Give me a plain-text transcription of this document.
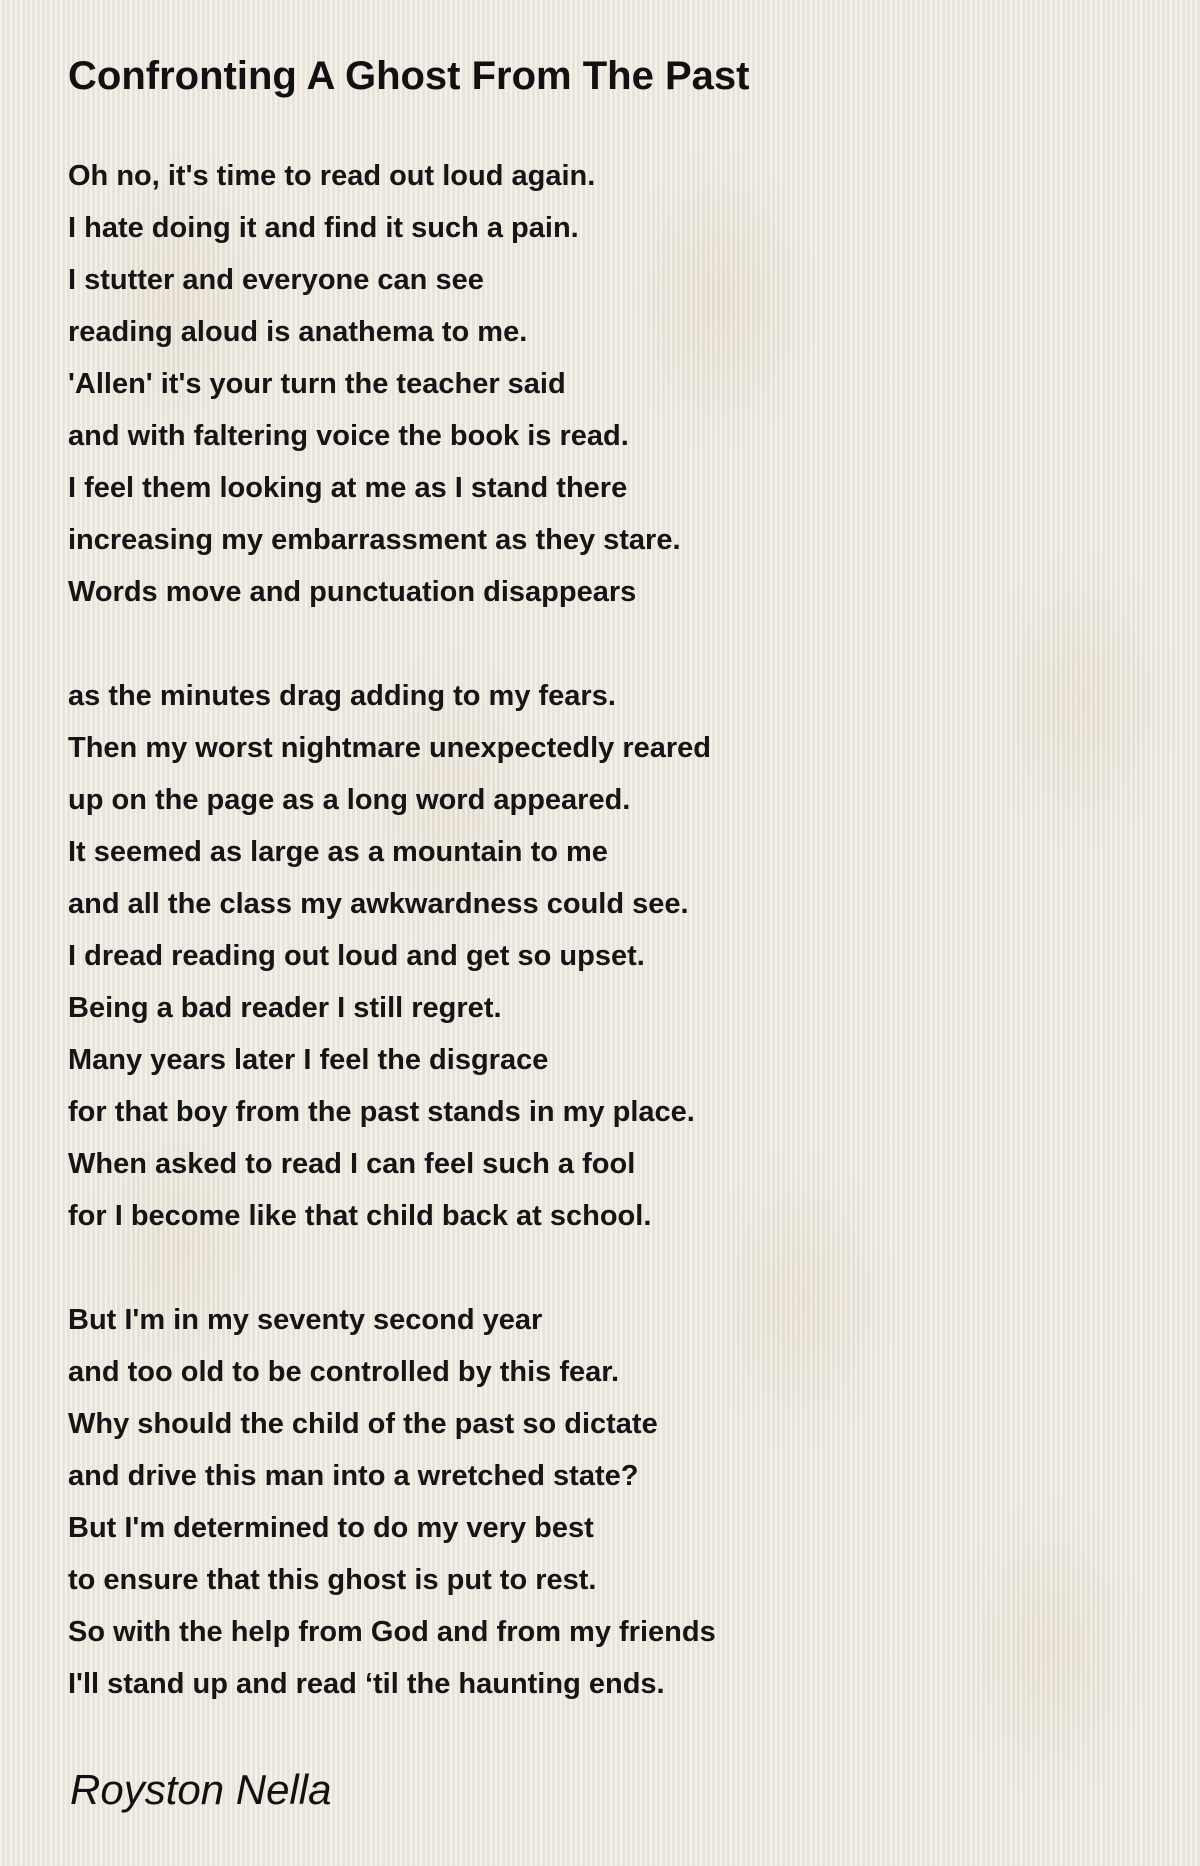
Confronting A Ghost From The Past
Oh no, it's time to read out loud again.
I hate doing it and find it such a pain.
I stutter and everyone can see
reading aloud is anathema to me.
'Allen' it's your turn the teacher said
and with faltering voice the book is read.
I feel them looking at me as I stand there
increasing my embarrassment as they stare.
Words move and punctuation disappears
as the minutes drag adding to my fears.
Then my worst nightmare unexpectedly reared
up on the page as a long word appeared.
It seemed as large as a mountain to me
and all the class my awkwardness could see.
I dread reading out loud and get so upset.
Being a bad reader I still regret.
Many years later I feel the disgrace
for that boy from the past stands in my place.
When asked to read I can feel such a fool
for I become like that child back at school.
But I'm in my seventy second year
and too old to be controlled by this fear.
Why should the child of the past so dictate
and drive this man into a wretched state?
But I'm determined to do my very best
to ensure that this ghost is put to rest.
So with the help from God and from my friends
I'll stand up and read ‘til the haunting ends.
Royston Nella
